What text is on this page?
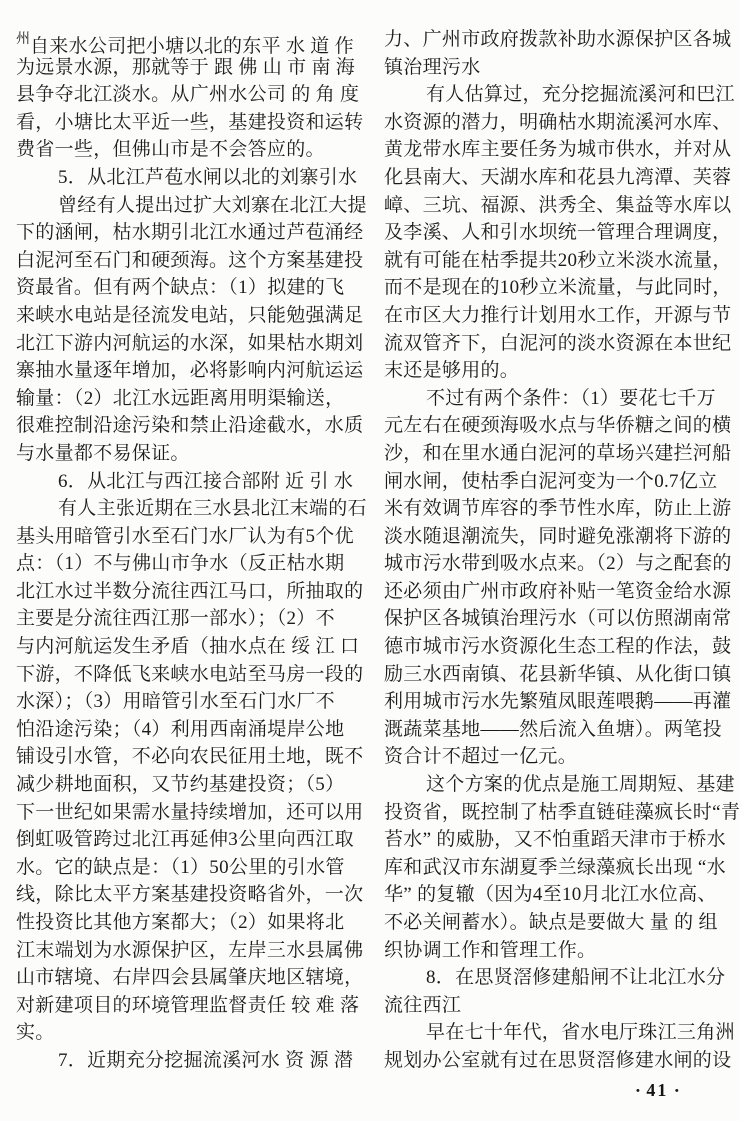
$^州$自来水公司把小塘以北的东平 水 道 作
为远景水源，那就等于 跟 佛 山 市 南 海
县争夺北江淡水。从广州水公司 的 角 度
看，小塘比太平近一些，基建投资和运转
费省一些，但佛山市是不会答应的。
5．从北江芦苞水闸以北的刘寨引水
曾经有人提出过扩大刘寨在北江大提
下的涵闸，枯水期引北江水通过芦苞涌经
白泥河至石门和硬颈海。这个方案基建投
资最省。但有两个缺点：（1）拟建的飞
来峡水电站是径流发电站，只能勉强满足
北江下游内河航运的水深，如果枯水期刘
寨抽水量逐年增加，必将影响内河航运运
输量：（2）北江水远距离用明渠输送，
很难控制沿途污染和禁止沿途截水，水质
与水量都不易保证。
6．从北江与西江接合部附 近 引 水
有人主张近期在三水县北江末端的石
基头用暗管引水至石门水厂认为有5个优
点：（1）不与佛山市争水（反正枯水期
北江水过半数分流往西江马口，所抽取的
主要是分流往西江那一部水）；（2）不
与内河航运发生矛盾（抽水点在 绥 江 口
下游，不降低飞来峡水电站至马房一段的
水深）；（3）用暗管引水至石门水厂不
怕沿途污染；（4）利用西南涌堤岸公地
铺设引水管，不必向农民征用土地，既不
减少耕地面积，又节约基建投资；（5）
下一世纪如果需水量持续增加，还可以用
倒虹吸管跨过北江再延伸3公里向西江取
水。它的缺点是：（1）50公里的引水管
线，除比太平方案基建投资略省外，一次
性投资比其他方案都大；（2）如果将北
江末端划为水源保护区，左岸三水县属佛
山市辖境、右岸四会县属肇庆地区辖境，
对新建项目的环境管理监督责任 较 难 落
实。
7．近期充分挖掘流溪河水 资 源 潜
力、广州市政府拨款补助水源保护区各城
镇治理污水
有人估算过，充分挖掘流溪河和巴江
水资源的潜力，明确枯水期流溪河水库、
黄龙带水库主要任务为城市供水，并对从
化县南大、天湖水库和花县九湾潭、芙蓉
嶂、三坑、福源、洪秀全、集益等水库以
及李溪、人和引水坝统一管理合理调度，
就有可能在枯季提共20秒立米淡水流量，
而不是现在的10秒立米流量，与此同时，
在市区大力推行计划用水工作，开源与节
流双管齐下，白泥河的淡水资源在本世纪
末还是够用的。
不过有两个条件：（1）要花七千万
元左右在硬颈海吸水点与华侨糖之间的横
沙，和在里水通白泥河的草场兴建拦河船
闸水闸，使枯季白泥河变为一个0.7亿立
米有效调节库容的季节性水库，防止上游
淡水随退潮流失，同时避免涨潮将下游的
城市污水带到吸水点来。（2）与之配套的
还必须由广州市政府补贴一笔资金给水源
保护区各城镇治理污水（可以仿照湖南常
德市城市污水资源化生态工程的作法，鼓
励三水西南镇、花县新华镇、从化街口镇
利用城市污水先繁殖凤眼莲喂鹅——再灌
溉蔬菜基地——然后流入鱼塘）。两笔投
资合计不超过一亿元。
这个方案的优点是施工周期短、基建
投资省，既控制了枯季直链硅藻疯长时“青
苔水” 的威胁，又不怕重蹈天津市于桥水
库和武汉市东湖夏季兰绿藻疯长出现 “水
华” 的复辙（因为4至10月北江水位高、
不必关闸蓄水）。缺点是要做大 量 的 组
织协调工作和管理工作。
8．在思贤滘修建船闸不让北江水分
流往西江
早在七十年代，省水电厅珠江三角洲
规划办公室就有过在思贤滘修建水闸的设
• 41 •
